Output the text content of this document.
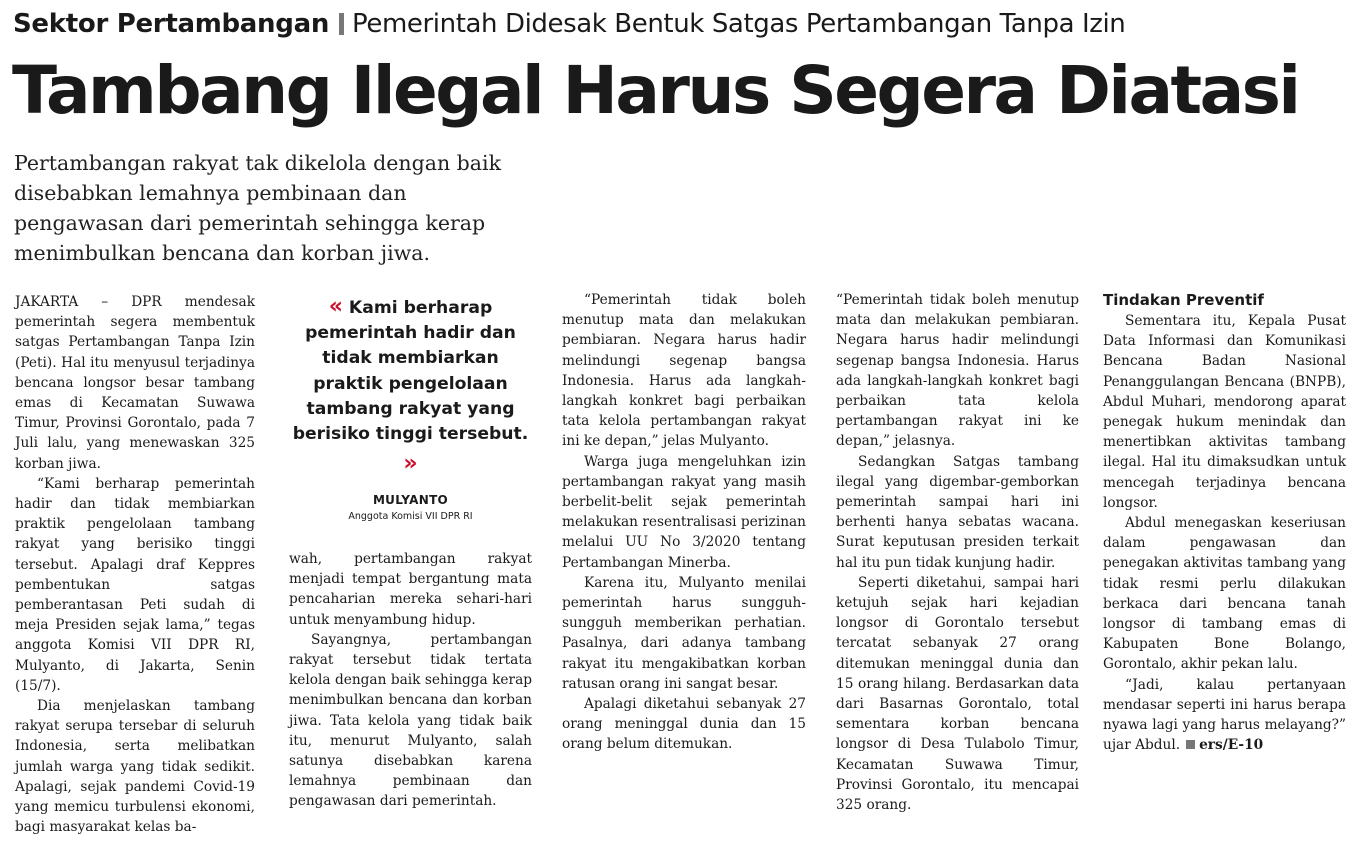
Sektor Pertambangan Pemerintah Didesak Bentuk Satgas Pertambangan Tanpa Izin
Tambang Ilegal Harus Segera Diatasi
Pertambangan rakyat tak dikelola dengan baik disebabkan lemahnya pembinaan dan pengawasan dari pemerintah sehingga kerap menimbulkan bencana dan korban jiwa.

JAKARTA – DPR mendesak pemerintah segera membentuk satgas Pertambangan Tanpa Izin (Peti). Hal itu menyusul terjadinya bencana longsor besar tambang emas di Kecamatan Suwawa Timur, Provinsi Gorontalo, pada 7 Juli lalu, yang menewaskan 325 korban jiwa.

“Kami berharap pemerintah hadir dan tidak membiarkan praktik pengelolaan tambang rakyat yang berisiko tinggi tersebut. Apalagi draf Keppres pembentukan satgas pemberantasan Peti sudah di meja Presiden sejak lama,” tegas anggota Komisi VII DPR RI, Mulyanto, di Jakarta, Senin (15/7).

Dia menjelaskan tambang rakyat serupa tersebar di seluruh Indonesia, serta melibatkan jumlah warga yang tidak sedikit. Apalagi, sejak pandemi Covid-19 yang memicu turbulensi ekonomi, bagi masyarakat kelas ba-

« Kami berharap pemerintah hadir dan tidak membiarkan praktik pengelolaan tambang rakyat yang berisiko tinggi tersebut.
»
MULYANTO
Anggota Komisi VII DPR RI

wah, pertambangan rakyat menjadi tempat bergantung mata pencaharian mereka sehari-hari untuk menyambung hidup.

Sayangnya, pertambangan rakyat tersebut tidak tertata kelola dengan baik sehingga kerap menimbulkan bencana dan korban jiwa. Tata kelola yang tidak baik itu, menurut Mulyanto, salah satunya disebabkan karena lemahnya pembinaan dan pengawasan dari pemerintah.

“Pemerintah tidak boleh menutup mata dan melakukan pembiaran. Negara harus hadir melindungi segenap bangsa Indonesia. Harus ada langkah-langkah konkret bagi perbaikan tata kelola pertambangan rakyat ini ke depan,” jelas Mulyanto.

Warga juga mengeluhkan izin pertambangan rakyat yang masih berbelit-belit sejak pemerintah melakukan resentralisasi perizinan melalui UU No 3/2020 tentang Pertambangan Minerba.

Karena itu, Mulyanto menilai pemerintah harus sungguh-sungguh memberikan perhatian. Pasalnya, dari adanya tambang rakyat itu mengakibatkan korban ratusan orang ini sangat besar.

Apalagi diketahui sebanyak 27 orang meninggal dunia dan 15 orang belum ditemukan.

“Pemerintah tidak boleh menutup mata dan melakukan pembiaran. Negara harus hadir melindungi segenap bangsa Indonesia. Harus ada langkah-langkah konkret bagi perbaikan tata kelola pertambangan rakyat ini ke depan,” jelasnya.

Sedangkan Satgas tambang ilegal yang digembar-gemborkan pemerintah sampai hari ini berhenti hanya sebatas wacana. Surat keputusan presiden terkait hal itu pun tidak kunjung hadir.

Seperti diketahui, sampai hari ketujuh sejak hari kejadian longsor di Gorontalo tersebut tercatat sebanyak 27 orang ditemukan meninggal dunia dan 15 orang hilang. Berdasarkan data dari Basarnas Gorontalo, total sementara korban bencana longsor di Desa Tulabolo Timur, Kecamatan Suwawa Timur, Provinsi Gorontalo, itu mencapai 325 orang.

Tindakan Preventif

Sementara itu, Kepala Pusat Data Informasi dan Komunikasi Bencana Badan Nasional Penanggulangan Bencana (BNPB), Abdul Muhari, mendorong aparat penegak hukum menindak dan menertibkan aktivitas tambang ilegal. Hal itu dimaksudkan untuk mencegah terjadinya bencana longsor.

Abdul menegaskan keseriusan dalam pengawasan dan penegakan aktivitas tambang yang tidak resmi perlu dilakukan berkaca dari bencana tanah longsor di tambang emas di Kabupaten Bone Bolango, Gorontalo, akhir pekan lalu.

“Jadi, kalau pertanyaan mendasar seperti ini harus berapa nyawa lagi yang harus melayang?” ujar Abdul. ers/E-10
